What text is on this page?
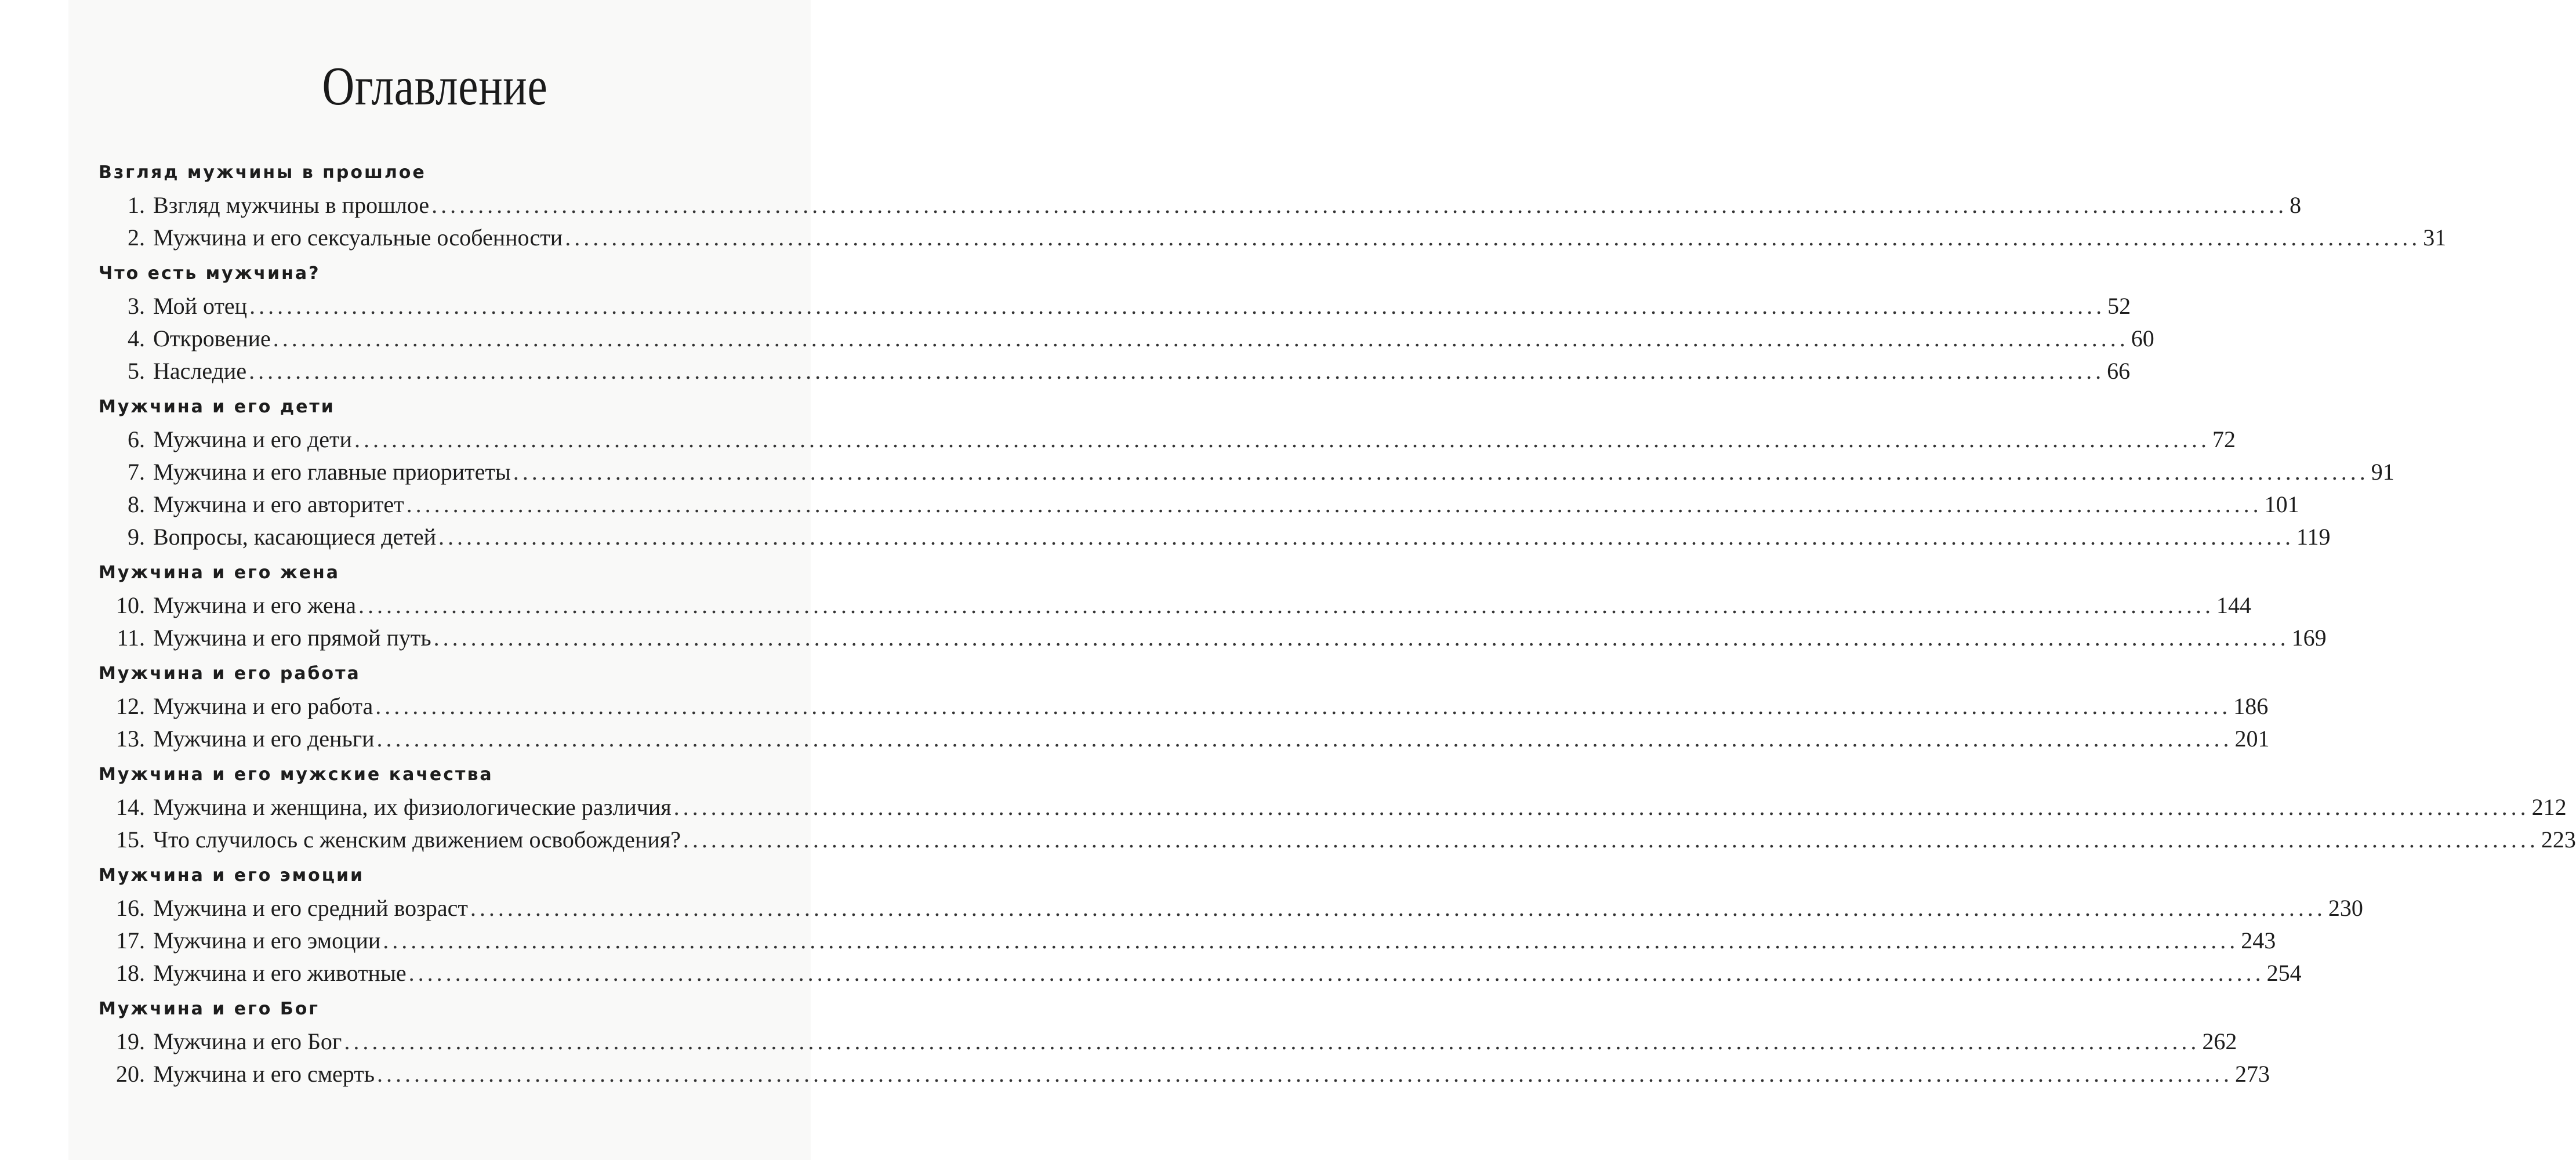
Оглавление
Взгляд мужчины в прошлое
1. Взгляд мужчины в прошлое ........................................................................................................................................................................................................ 8
2. Мужчина и его сексуальные особенности ........................................................................................................................................................................................................ 31
Что есть мужчина?
3. Мой отец ........................................................................................................................................................................................................ 52
4. Откровение ........................................................................................................................................................................................................ 60
5. Наследие ........................................................................................................................................................................................................ 66
Мужчина и его дети
6. Мужчина и его дети ........................................................................................................................................................................................................ 72
7. Мужчина и его главные приоритеты ........................................................................................................................................................................................................ 91
8. Мужчина и его авторитет ........................................................................................................................................................................................................ 101
9. Вопросы, касающиеся детей ........................................................................................................................................................................................................ 119
Мужчина и его жена
10. Мужчина и его жена ........................................................................................................................................................................................................ 144
11. Мужчина и его прямой путь ........................................................................................................................................................................................................ 169
Мужчина и его работа
12. Мужчина и его работа ........................................................................................................................................................................................................ 186
13. Мужчина и его деньги ........................................................................................................................................................................................................ 201
Мужчина и его мужские качества
14. Мужчина и женщина, их физиологические различия ........................................................................................................................................................................................................ 212
15. Что случилось с женским движением освобождения? ........................................................................................................................................................................................................ 223
Мужчина и его эмоции
16. Мужчина и его средний возраст ........................................................................................................................................................................................................ 230
17. Мужчина и его эмоции ........................................................................................................................................................................................................ 243
18. Мужчина и его животные ........................................................................................................................................................................................................ 254
Мужчина и его Бог
19. Мужчина и его Бог ........................................................................................................................................................................................................ 262
20. Мужчина и его смерть ........................................................................................................................................................................................................ 273
